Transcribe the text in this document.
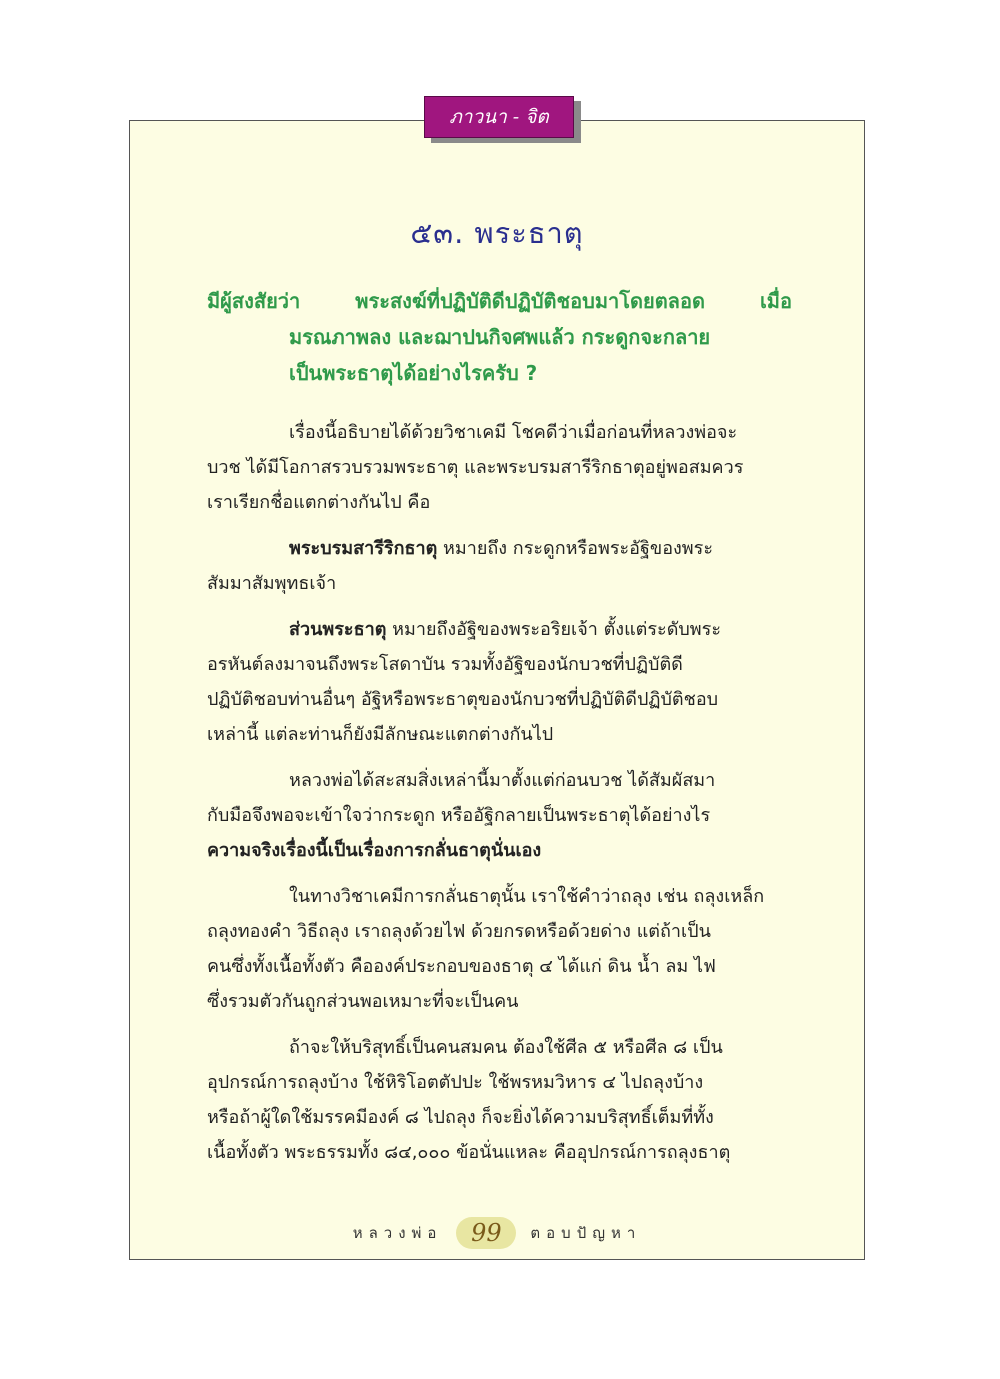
ภาวนา - จิต
๕๓. พระธาตุ
มีผู้สงสัยว่า พระสงฆ์ที่ปฏิบัติดีปฏิบัติชอบมาโดยตลอด เมื่อ
มรณภาพลง และฌาปนกิจศพแล้ว กระดูกจะกลาย
เป็นพระธาตุได้อย่างไรครับ ?
เรื่องนี้อธิบายได้ด้วยวิชาเคมี โชคดีว่าเมื่อก่อนที่หลวงพ่อจะ
บวช ได้มีโอกาสรวบรวมพระธาตุ และพระบรมสารีริกธาตุอยู่พอสมควร
เราเรียกชื่อแตกต่างกันไป คือ
พระบรมสารีริกธาตุ หมายถึง กระดูกหรือพระอัฐิของพระ
สัมมาสัมพุทธเจ้า
ส่วนพระธาตุ หมายถึงอัฐิของพระอริยเจ้า ตั้งแต่ระดับพระ
อรหันต์ลงมาจนถึงพระโสดาบัน รวมทั้งอัฐิของนักบวชที่ปฏิบัติดี
ปฏิบัติชอบท่านอื่นๆ อัฐิหรือพระธาตุของนักบวชที่ปฏิบัติดีปฏิบัติชอบ
เหล่านี้ แต่ละท่านก็ยังมีลักษณะแตกต่างกันไป
หลวงพ่อได้สะสมสิ่งเหล่านี้มาตั้งแต่ก่อนบวช ได้สัมผัสมา
กับมือจึงพอจะเข้าใจว่ากระดูก หรืออัฐิกลายเป็นพระธาตุได้อย่างไร
ความจริงเรื่องนี้เป็นเรื่องการกลั่นธาตุนั่นเอง
ในทางวิชาเคมีการกลั่นธาตุนั้น เราใช้คำว่าถลุง เช่น ถลุงเหล็ก
ถลุงทองคำ วิธีถลุง เราถลุงด้วยไฟ ด้วยกรดหรือด้วยด่าง แต่ถ้าเป็น
คนซึ่งทั้งเนื้อทั้งตัว คือองค์ประกอบของธาตุ ๔ ได้แก่ ดิน น้ำ ลม ไฟ
ซึ่งรวมตัวกันถูกส่วนพอเหมาะที่จะเป็นคน
ถ้าจะให้บริสุทธิ์เป็นคนสมคน ต้องใช้ศีล ๕ หรือศีล ๘ เป็น
อุปกรณ์การถลุงบ้าง ใช้หิริโอตตัปปะ ใช้พรหมวิหาร ๔ ไปถลุงบ้าง
หรือถ้าผู้ใดใช้มรรคมีองค์ ๘ ไปถลุง ก็จะยิ่งได้ความบริสุทธิ์เต็มที่ทั้ง
เนื้อทั้งตัว พระธรรมทั้ง ๘๔,๐๐๐ ข้อนั่นแหละ คืออุปกรณ์การถลุงธาตุ
หลวงพ่อ	99	ตอบปัญหา
